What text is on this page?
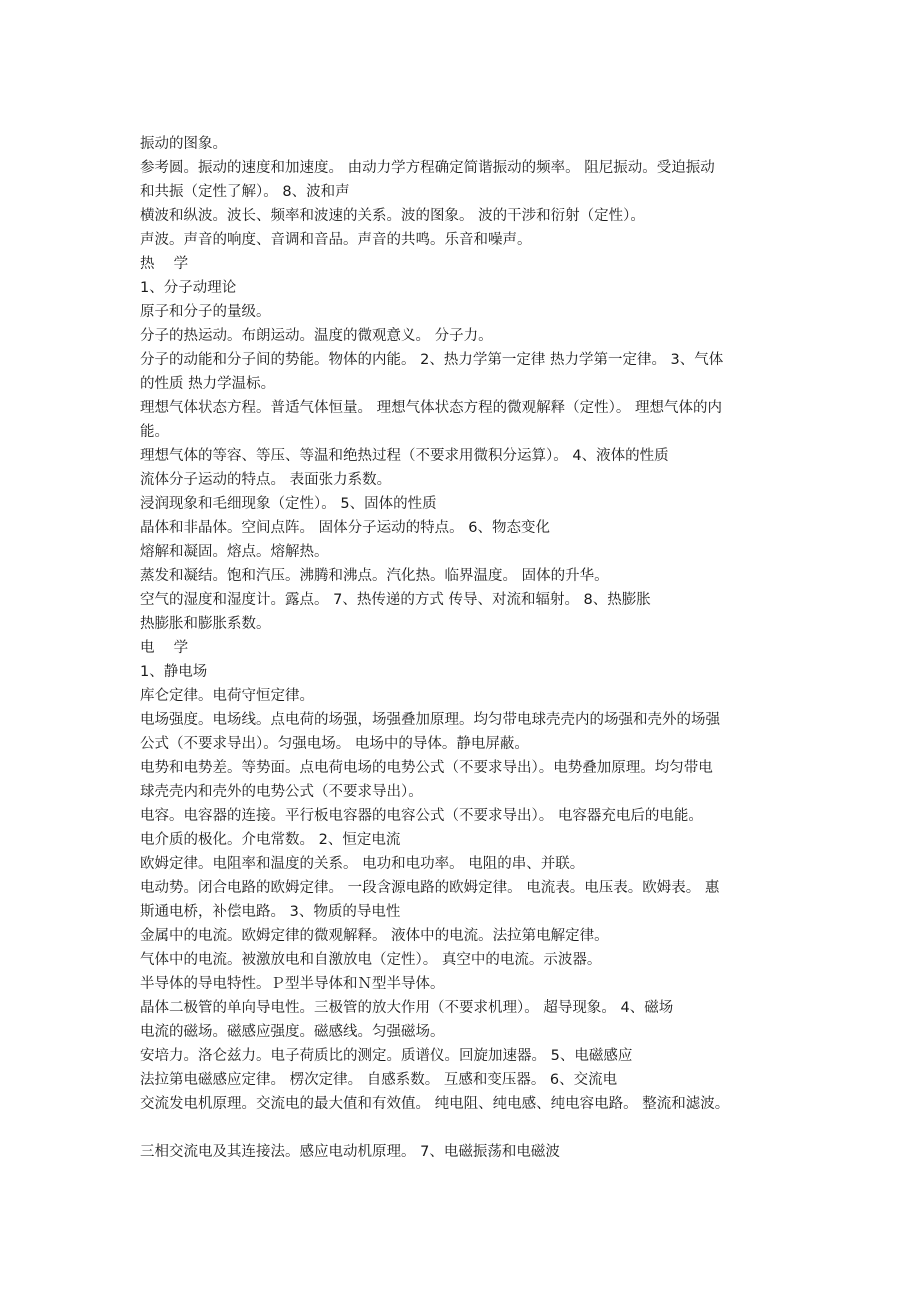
振动的图象。
参考圆。振动的速度和加速度。 由动力学方程确定简谐振动的频率。 阻尼振动。受迫振动
和共振（定性了解）。 8、波和声
横波和纵波。波长、频率和波速的关系。波的图象。 波的干涉和衍射（定性）。
声波。声音的响度、音调和音品。声音的共鸣。乐音和噪声。
热 学
1、分子动理论
原子和分子的量级。
分子的热运动。布朗运动。温度的微观意义。 分子力。
分子的动能和分子间的势能。物体的内能。 2、热力学第一定律 热力学第一定律。 3、气体
的性质 热力学温标。
理想气体状态方程。普适气体恒量。 理想气体状态方程的微观解释（定性）。 理想气体的内
能。
理想气体的等容、等压、等温和绝热过程（不要求用微积分运算）。 4、液体的性质
流体分子运动的特点。 表面张力系数。
浸润现象和毛细现象（定性）。 5、固体的性质
晶体和非晶体。空间点阵。 固体分子运动的特点。 6、物态变化
熔解和凝固。熔点。熔解热。
蒸发和凝结。饱和汽压。沸腾和沸点。汽化热。临界温度。 固体的升华。
空气的湿度和湿度计。露点。 7、热传递的方式 传导、对流和辐射。 8、热膨胀
热膨胀和膨胀系数。
电 学
1、静电场
库仑定律。电荷守恒定律。
电场强度。电场线。点电荷的场强，场强叠加原理。均匀带电球壳壳内的场强和壳外的场强
公式（不要求导出）。匀强电场。 电场中的导体。静电屏蔽。
电势和电势差。等势面。点电荷电场的电势公式（不要求导出）。电势叠加原理。均匀带电
球壳壳内和壳外的电势公式（不要求导出）。
电容。电容器的连接。平行板电容器的电容公式（不要求导出）。 电容器充电后的电能。
电介质的极化。介电常数。 2、恒定电流
欧姆定律。电阻率和温度的关系。 电功和电功率。 电阻的串、并联。
电动势。闭合电路的欧姆定律。 一段含源电路的欧姆定律。 电流表。电压表。欧姆表。 惠
斯通电桥，补偿电路。 3、物质的导电性
金属中的电流。欧姆定律的微观解释。 液体中的电流。法拉第电解定律。
气体中的电流。被激放电和自激放电（定性）。 真空中的电流。示波器。
半导体的导电特性。Ｐ型半导体和Ｎ型半导体。
晶体二极管的单向导电性。三极管的放大作用（不要求机理）。 超导现象。 4、磁场
电流的磁场。磁感应强度。磁感线。匀强磁场。
安培力。洛仑兹力。电子荷质比的测定。质谱仪。回旋加速器。 5、电磁感应
法拉第电磁感应定律。 楞次定律。 自感系数。 互感和变压器。 6、交流电
交流发电机原理。交流电的最大值和有效值。 纯电阻、纯电感、纯电容电路。 整流和滤波。
三相交流电及其连接法。感应电动机原理。 7、电磁振荡和电磁波
